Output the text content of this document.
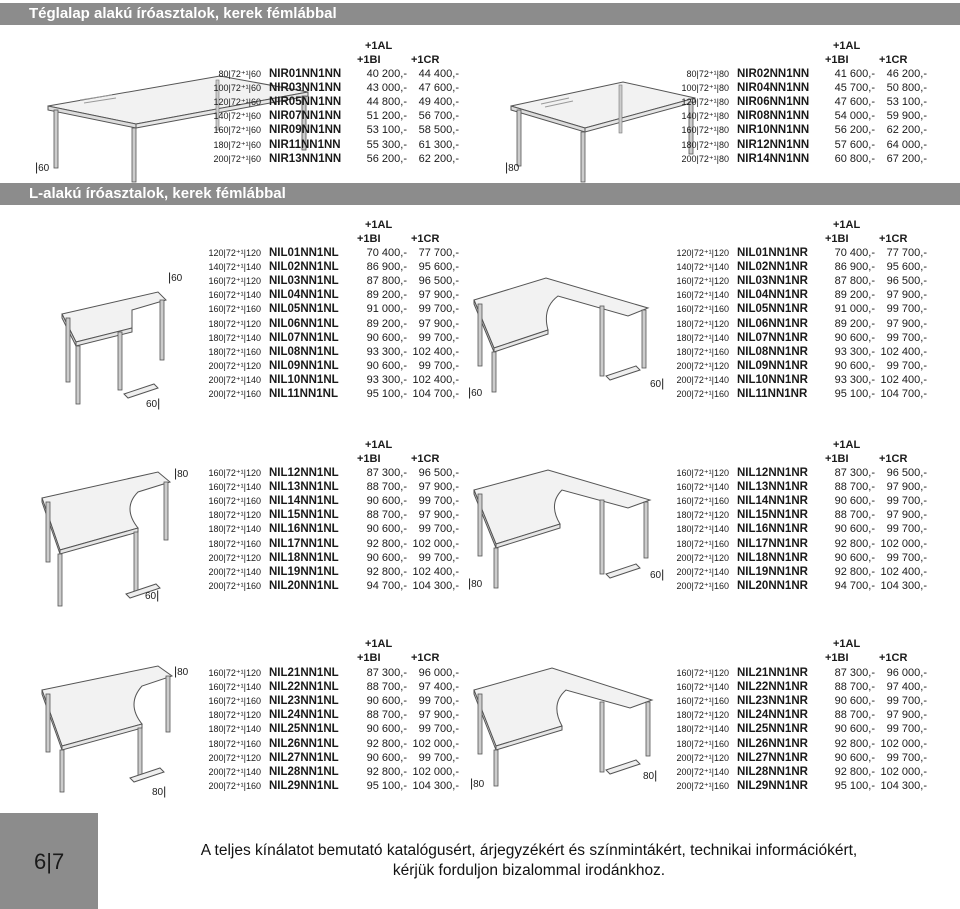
Téglalap alakú íróasztalok, kerek fémlábbal
L-alakú íróasztalok, kerek fémlábbal
|60	|80
|60
60|
|60
60|
|80
60|
|80
60|
|80
80|
|80
80|
+1AL
+1BI	+1CR
80|72⁺¹|60 NIR01NN1NN	40 200,-	44 400,-
100|72⁺¹|60 NIR03NN1NN	43 000,-	47 600,-
120|72⁺¹|60 NIR05NN1NN	44 800,-	49 400,-
140|72⁺¹|60 NIR07NN1NN	51 200,-	56 700,-
160|72⁺¹|60 NIR09NN1NN	53 100,-	58 500,-
180|72⁺¹|60 NIR11NN1NN	55 300,-	61 300,-
200|72⁺¹|60 NIR13NN1NN	56 200,-	62 200,-
+1AL
+1BI	+1CR
80|72⁺¹|80 NIR02NN1NN	41 600,-	46 200,-
100|72⁺¹|80 NIR04NN1NN	45 700,-	50 800,-
120|72⁺¹|80 NIR06NN1NN	47 600,-	53 100,-
140|72⁺¹|80 NIR08NN1NN	54 000,-	59 900,-
160|72⁺¹|80 NIR10NN1NN	56 200,-	62 200,-
180|72⁺¹|80 NIR12NN1NN	57 600,-	64 000,-
200|72⁺¹|80 NIR14NN1NN	60 800,-	67 200,-
+1AL
+1BI	+1CR
120|72⁺¹|120 NIL01NN1NL	70 400,-	77 700,-
140|72⁺¹|140 NIL02NN1NL	86 900,-	95 600,-
160|72⁺¹|120 NIL03NN1NL	87 800,-	96 500,-
160|72⁺¹|140 NIL04NN1NL	89 200,-	97 900,-
160|72⁺¹|160 NIL05NN1NL	91 000,-	99 700,-
180|72⁺¹|120 NIL06NN1NL	89 200,-	97 900,-
180|72⁺¹|140 NIL07NN1NL	90 600,-	99 700,-
180|72⁺¹|160 NIL08NN1NL	93 300,- 102 400,-
200|72⁺¹|120 NIL09NN1NL	90 600,-	99 700,-
200|72⁺¹|140 NIL10NN1NL	93 300,- 102 400,-
200|72⁺¹|160 NIL11NN1NL	95 100,- 104 700,-
+1AL
+1BI	+1CR
120|72⁺¹|120 NIL01NN1NR	70 400,-	77 700,-
140|72⁺¹|140 NIL02NN1NR	86 900,-	95 600,-
160|72⁺¹|120 NIL03NN1NR	87 800,-	96 500,-
160|72⁺¹|140 NIL04NN1NR	89 200,-	97 900,-
160|72⁺¹|160 NIL05NN1NR	91 000,-	99 700,-
180|72⁺¹|120 NIL06NN1NR	89 200,-	97 900,-
180|72⁺¹|140 NIL07NN1NR	90 600,-	99 700,-
180|72⁺¹|160 NIL08NN1NR	93 300,- 102 400,-
200|72⁺¹|120 NIL09NN1NR	90 600,-	99 700,-
200|72⁺¹|140 NIL10NN1NR	93 300,- 102 400,-
200|72⁺¹|160 NIL11NN1NR	95 100,- 104 700,-
+1AL
+1BI	+1CR
160|72⁺¹|120 NIL12NN1NL	87 300,-	96 500,-
160|72⁺¹|140 NIL13NN1NL	88 700,-	97 900,-
160|72⁺¹|160 NIL14NN1NL	90 600,-	99 700,-
180|72⁺¹|120 NIL15NN1NL	88 700,-	97 900,-
180|72⁺¹|140 NIL16NN1NL	90 600,-	99 700,-
180|72⁺¹|160 NIL17NN1NL	92 800,- 102 000,-
200|72⁺¹|120 NIL18NN1NL	90 600,-	99 700,-
200|72⁺¹|140 NIL19NN1NL	92 800,- 102 400,-
200|72⁺¹|160 NIL20NN1NL	94 700,- 104 300,-
+1AL
+1BI	+1CR
160|72⁺¹|120 NIL12NN1NR	87 300,-	96 500,-
160|72⁺¹|140 NIL13NN1NR	88 700,-	97 900,-
160|72⁺¹|160 NIL14NN1NR	90 600,-	99 700,-
180|72⁺¹|120 NIL15NN1NR	88 700,-	97 900,-
180|72⁺¹|140 NIL16NN1NR	90 600,-	99 700,-
180|72⁺¹|160 NIL17NN1NR	92 800,- 102 000,-
200|72⁺¹|120 NIL18NN1NR	90 600,-	99 700,-
200|72⁺¹|140 NIL19NN1NR	92 800,- 102 400,-
200|72⁺¹|160 NIL20NN1NR	94 700,- 104 300,-
+1AL
+1BI	+1CR
160|72⁺¹|120 NIL21NN1NL	87 300,-	96 000,-
160|72⁺¹|140 NIL22NN1NL	88 700,-	97 400,-
160|72⁺¹|160 NIL23NN1NL	90 600,-	99 700,-
180|72⁺¹|120 NIL24NN1NL	88 700,-	97 900,-
180|72⁺¹|140 NIL25NN1NL	90 600,-	99 700,-
180|72⁺¹|160 NIL26NN1NL	92 800,- 102 000,-
200|72⁺¹|120 NIL27NN1NL	90 600,-	99 700,-
200|72⁺¹|140 NIL28NN1NL	92 800,- 102 000,-
200|72⁺¹|160 NIL29NN1NL	95 100,- 104 300,-
+1AL
+1BI	+1CR
160|72⁺¹|120 NIL21NN1NR	87 300,-	96 000,-
160|72⁺¹|140 NIL22NN1NR	88 700,-	97 400,-
160|72⁺¹|160 NIL23NN1NR	90 600,-	99 700,-
180|72⁺¹|120 NIL24NN1NR	88 700,-	97 900,-
180|72⁺¹|140 NIL25NN1NR	90 600,-	99 700,-
180|72⁺¹|160 NIL26NN1NR	92 800,- 102 000,-
200|72⁺¹|120 NIL27NN1NR	90 600,-	99 700,-
200|72⁺¹|140 NIL28NN1NR	92 800,- 102 000,-
200|72⁺¹|160 NIL29NN1NR	95 100,- 104 300,-
6|7	A teljes kínálatot bemutató katalógusért, árjegyzékért és színmintákért, technikai információkért,
kérjük forduljon bizalommal irodánkhoz.
